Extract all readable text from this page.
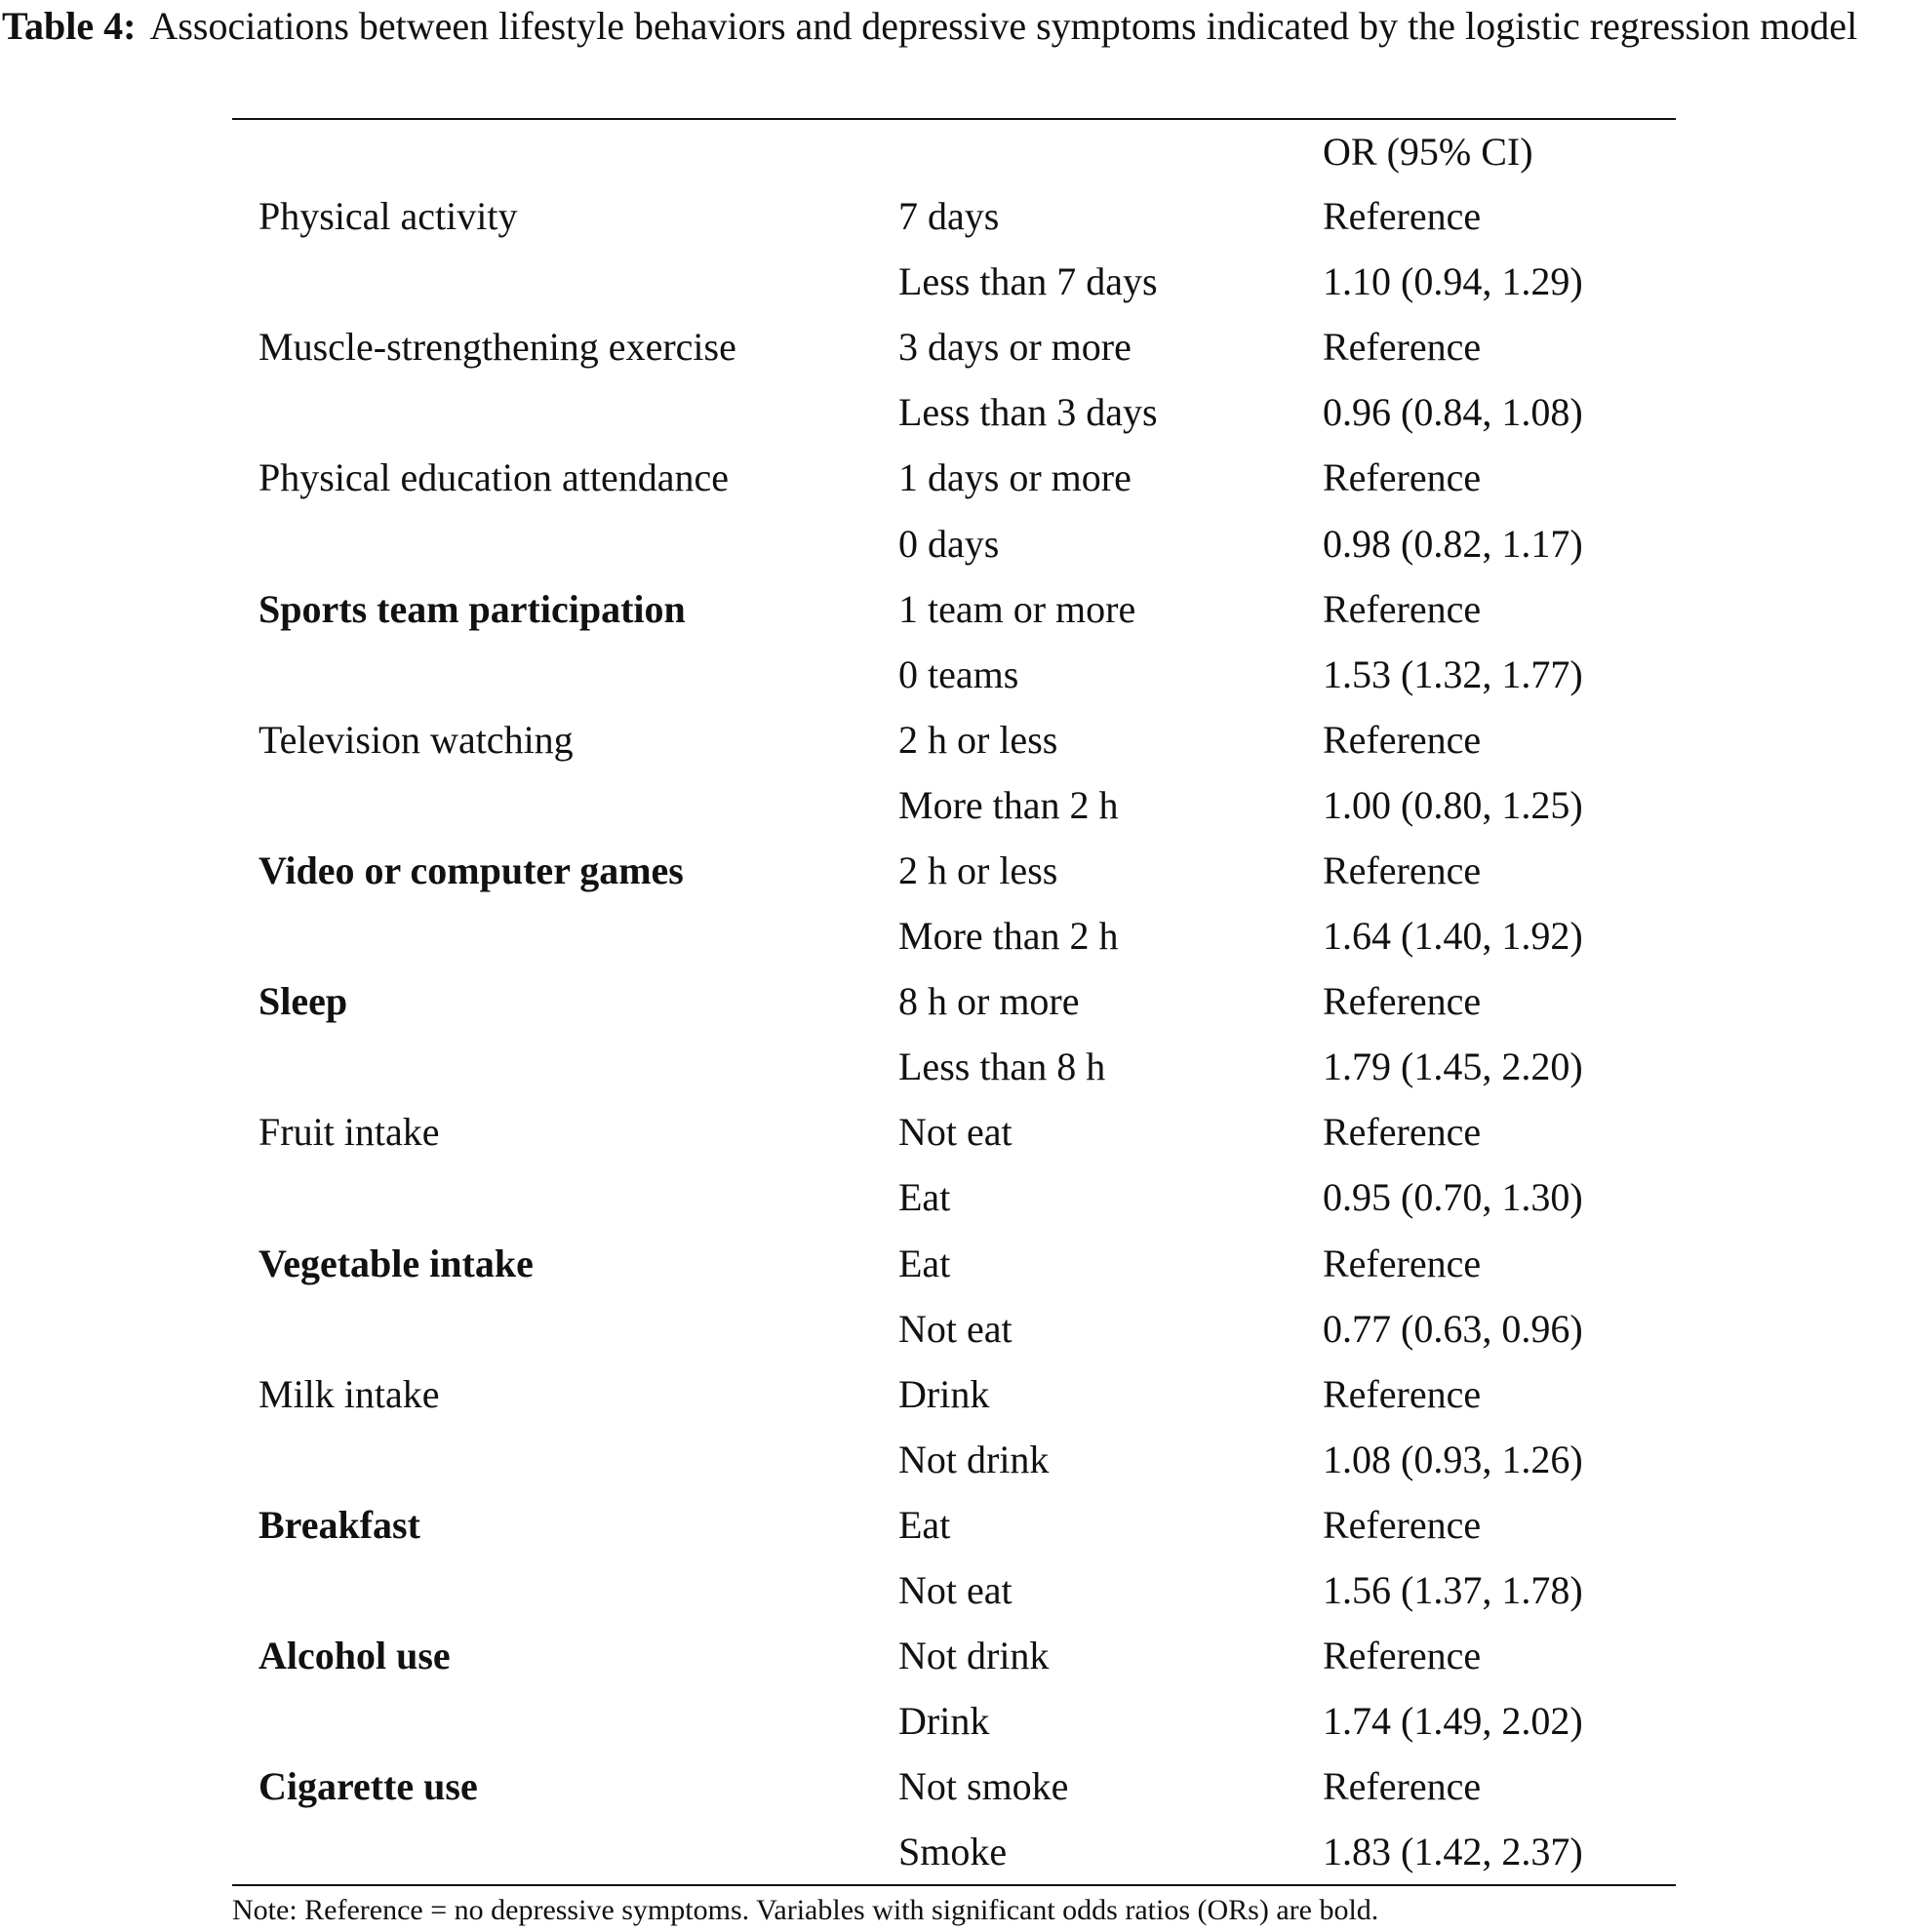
Table 4: Associations between lifestyle behaviors and depressive symptoms indicated by the logistic regression model
		OR (95% CI)
Physical activity	7 days	Reference
	Less than 7 days	1.10 (0.94, 1.29)
Muscle-strengthening exercise	3 days or more	Reference
	Less than 3 days	0.96 (0.84, 1.08)
Physical education attendance	1 days or more	Reference
	0 days	0.98 (0.82, 1.17)
Sports team participation	1 team or more	Reference
	0 teams	1.53 (1.32, 1.77)
Television watching	2 h or less	Reference
	More than 2 h	1.00 (0.80, 1.25)
Video or computer games	2 h or less	Reference
	More than 2 h	1.64 (1.40, 1.92)
Sleep	8 h or more	Reference
	Less than 8 h	1.79 (1.45, 2.20)
Fruit intake	Not eat	Reference
	Eat	0.95 (0.70, 1.30)
Vegetable intake	Eat	Reference
	Not eat	0.77 (0.63, 0.96)
Milk intake	Drink	Reference
	Not drink	1.08 (0.93, 1.26)
Breakfast	Eat	Reference
	Not eat	1.56 (1.37, 1.78)
Alcohol use	Not drink	Reference
	Drink	1.74 (1.49, 2.02)
Cigarette use	Not smoke	Reference
	Smoke	1.83 (1.42, 2.37)
Note: Reference = no depressive symptoms. Variables with significant odds ratios (ORs) are bold.
